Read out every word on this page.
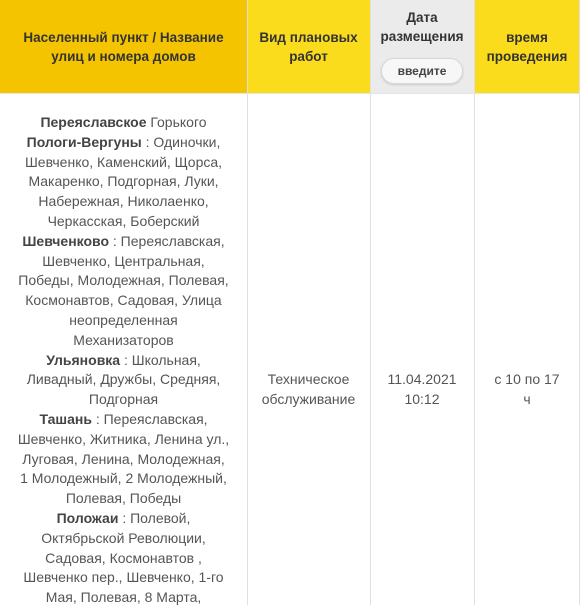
Населенный пункт / Название
улиц и номера домов
Вид плановых
работ
Дата
размещения
введите
время
проведения
Переяславское Горького
Пологи-Вергуны : Одиночки,
Шевченко, Каменский, Щорса,
Макаренко, Подгорная, Луки,
Набережная, Николаенко,
Черкасская, Боберский
Шевченково : Переяславская,
Шевченко, Центральная,
Победы, Молодежная, Полевая,
Космонавтов, Садовая, Улица
неопределенная
Механизаторов
Ульяновка : Школьная,
Ливадный, Дружбы, Средняя,
Подгорная
Ташань : Переяславская,
Шевченко, Житника, Ленина ул.,
Луговая, Ленина, Молодежная,
1 Молодежный, 2 Молодежный,
Полевая, Победы
Положаи : Полевой,
Октябрьской Революции,
Садовая, Космонавтов ,
Шевченко пер., Шевченко, 1-го
Мая, Полевая, 8 Марта,
Техническое
обслуживание
11.04.2021
10:12
с 10 по 17
ч
